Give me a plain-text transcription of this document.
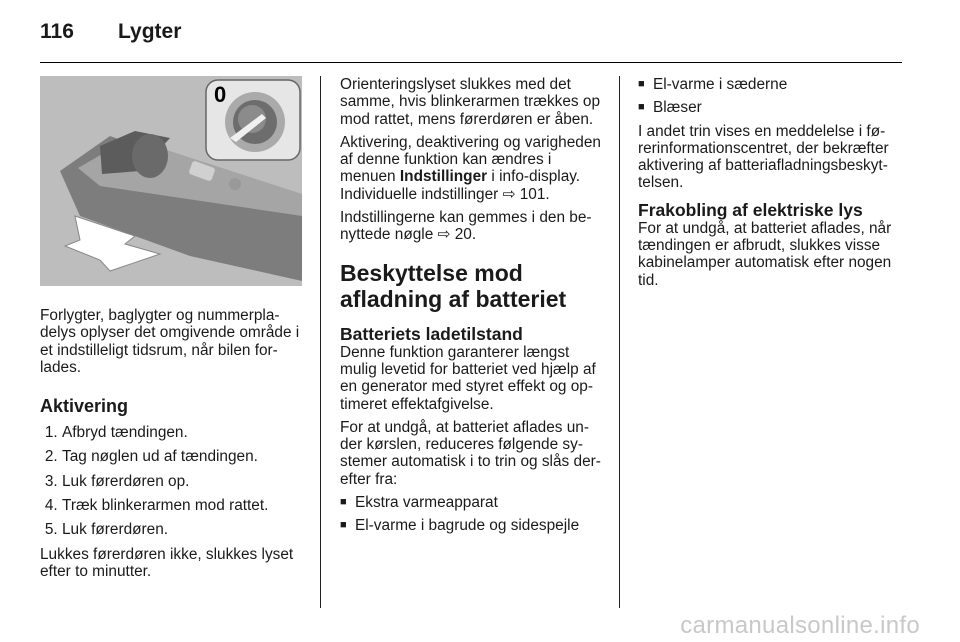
116 Lygter
0

Forlygter, baglygter og nummerpladelys oplyser det omgivende område i et indstilleligt tidsrum, når bilen forlades.

Aktivering
1. Afbryd tændingen.
2. Tag nøglen ud af tændingen.
3. Luk førerdøren op.
4. Træk blinkerarmen mod rattet.
5. Luk førerdøren.

Lukkes førerdøren ikke, slukkes lyset efter to minutter.

Orienteringslyset slukkes med det samme, hvis blinkerarmen trækkes op mod rattet, mens førerdøren er åben.

Aktivering, deaktivering og varigheden af denne funktion kan ændres i menuen Indstillinger i info-display. Individuelle indstillinger ⇨ 101.

Indstillingerne kan gemmes i den benyttede nøgle ⇨ 20.

Beskyttelse mod afladning af batteriet
Batteriets ladetilstand

Denne funktion garanterer længst mulig levetid for batteriet ved hjælp af en generator med styret effekt og optimeret effektafgivelse.

For at undgå, at batteriet aflades under kørslen, reduceres følgende systemer automatisk i to trin og slås derefter fra:

■ Ekstra varmeapparat
■ El-varme i bagrude og sidespejle
■ El-varme i sæderne
■ Blæser

I andet trin vises en meddelelse i førerinformationscentret, der bekræfter aktivering af batteriafladningsbeskyttelsen.

Frakobling af elektriske lys

For at undgå, at batteriet aflades, når tændingen er afbrudt, slukkes visse kabinelamper automatisk efter nogen tid.

carmanualsonline.info
